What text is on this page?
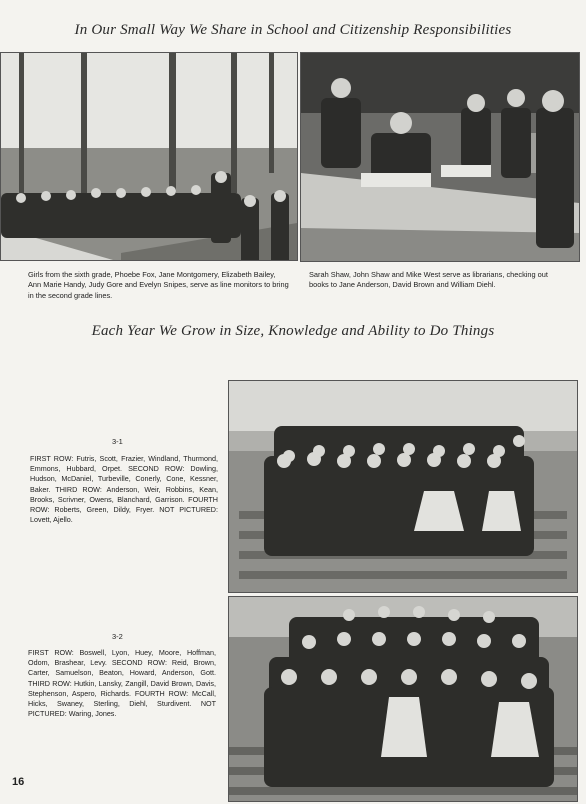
In Our Small Way We Share in School and Citizenship Responsibilities
Girls from the sixth grade, Phoebe Fox, Jane Montgomery, Elizabeth Bailey, Ann Marie Handy, Judy Gore and Evelyn Snipes, serve as line monitors to bring in the second grade lines.
Sarah Shaw, John Shaw and Mike West serve as librarians, checking out books to Jane Anderson, David Brown and William Diehl.
Each Year We Grow in Size, Knowledge and Ability to Do Things
3-1
FIRST ROW: Futris, Scott, Frazier, Windland, Thurmond, Emmons, Hubbard, Orpet. SECOND ROW: Dowling, Hudson, McDaniel, Turbeville, Conerly, Cone, Kessner, Baker. THIRD ROW: Anderson, Weir, Robbins, Kean, Brooks, Scrivner, Owens, Blanchard, Garrison. FOURTH ROW: Roberts, Green, Dildy, Fryer. NOT PICTURED: Lovett, Ajello.
3-2
FIRST ROW: Boswell, Lyon, Huey, Moore, Hoffman, Odom, Brashear, Levy. SECOND ROW: Reid, Brown, Carter, Samuelson, Beaton, Howard, Anderson, Gott. THIRD ROW: Hutkin, Lansky, Zangill, David Brown, Davis, Stephenson, Aspero, Richards. FOURTH ROW: McCall, Hicks, Swaney, Sterling, Diehl, Sturdivent. NOT PICTURED: Waring, Jones.
16
